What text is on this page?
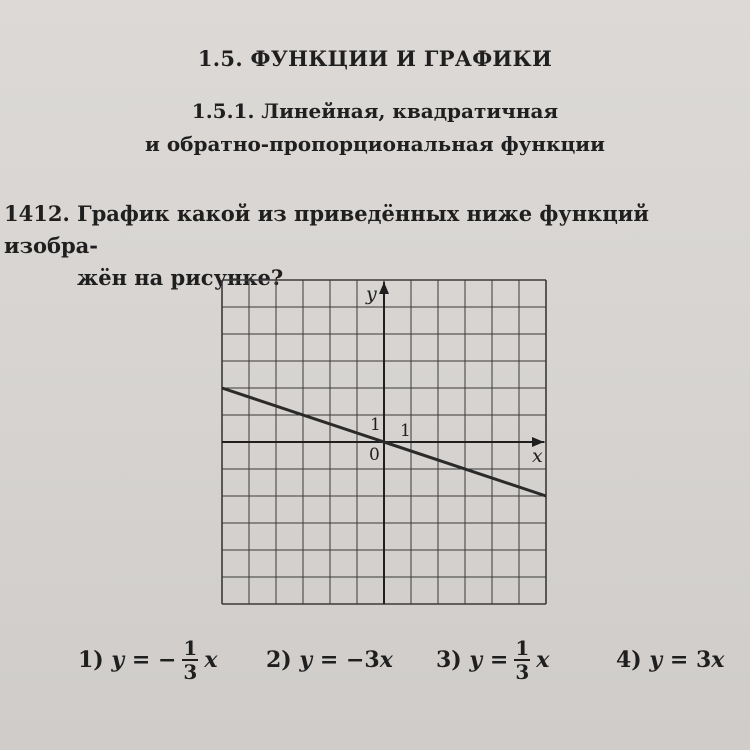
1.5. ФУНКЦИИ И ГРАФИКИ
1.5.1. Линейная, квадратичная
и обратно-пропорциональная функции
1412. График какой из приведённых ниже функций изобра-
жён на рисунке?
y
x
0
1
1
1)
y
= − $\frac{1}{3}$ x 2)
y
= −3 x 3)
y
= $\frac{1}{3}$ x	4)
y
= 3 x
